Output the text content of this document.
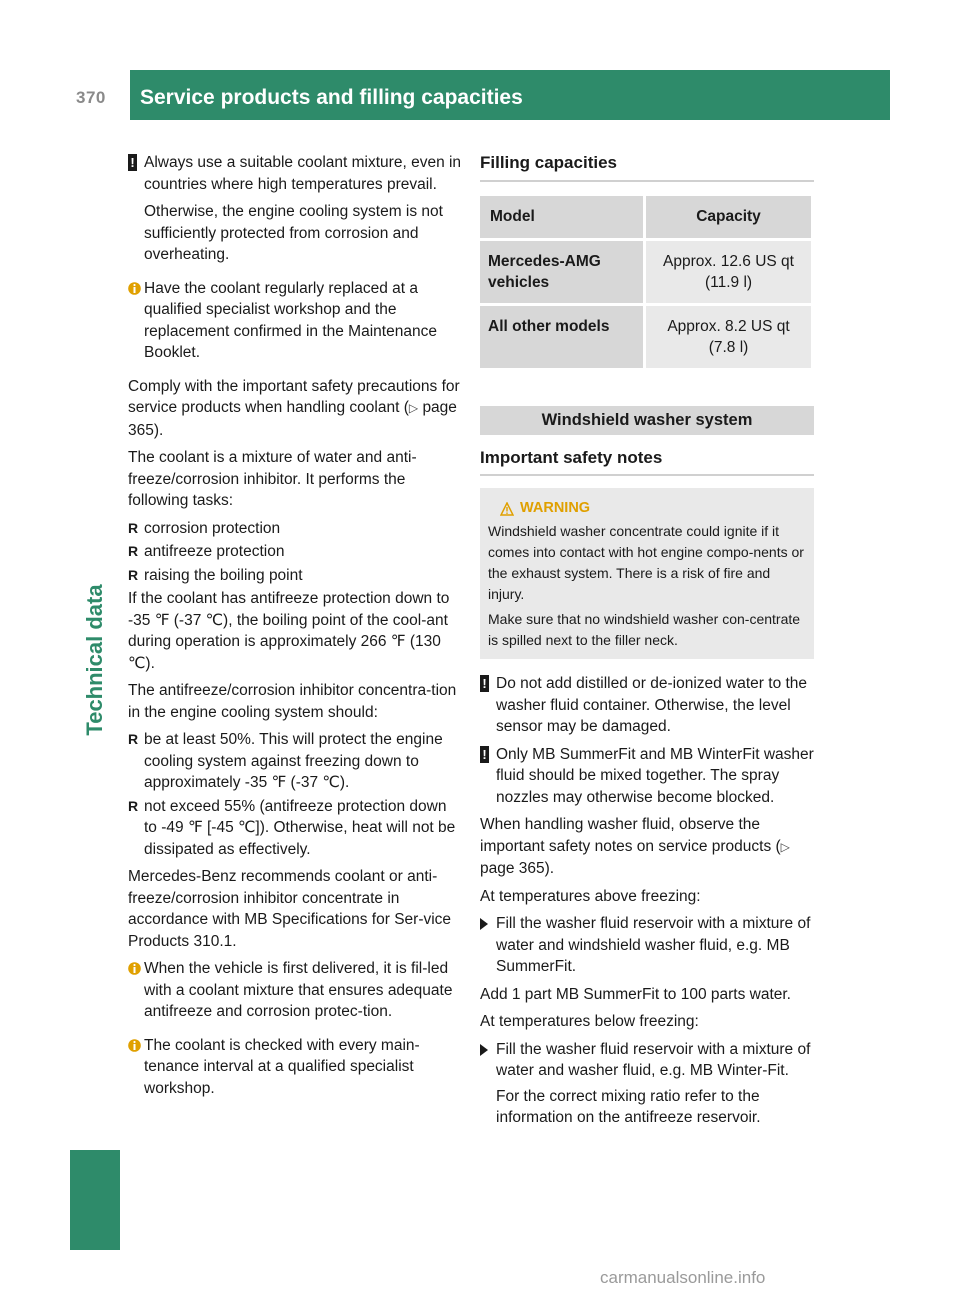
370 Service products and filling capacities
Technical data
! Always use a suitable coolant mixture, even in countries where high temperatures prevail.

Otherwise, the engine cooling system is not sufficiently protected from corrosion and overheating.

Have the coolant regularly replaced at a qualified specialist workshop and the replacement confirmed in the Maintenance Booklet.

Comply with the important safety precautions for service products when handling coolant (▷ page 365).

The coolant is a mixture of water and anti-freeze/corrosion inhibitor. It performs the following tasks:

R corrosion protection
R antifreeze protection
R raising the boiling point

If the coolant has antifreeze protection down to -35 ℉ (-37 ℃), the boiling point of the cool-ant during operation is approximately 266 ℉ (130 ℃).

The antifreeze/corrosion inhibitor concentra-tion in the engine cooling system should:

R be at least 50%. This will protect the engine cooling system against freezing down to approximately -35 ℉ (-37 ℃).
R not exceed 55% (antifreeze protection down to -49 ℉ [-45 ℃]). Otherwise, heat will not be dissipated as effectively.

Mercedes-Benz recommends coolant or anti-freeze/corrosion inhibitor concentrate in accordance with MB Specifications for Ser-vice Products 310.1.

When the vehicle is first delivered, it is fil-led with a coolant mixture that ensures adequate antifreeze and corrosion protec-tion.

The coolant is checked with every main-tenance interval at a qualified specialist workshop.

Filling capacities
Model	Capacity
Mercedes-AMG vehicles	Approx. 12.6 US qt
(11.9 l)

All other models	Approx. 8.2 US qt
(7.8 l)
Windshield washer system
Important safety notes
WARNING

Windshield washer concentrate could ignite if it comes into contact with hot engine compo-nents or the exhaust system. There is a risk of fire and injury.

Make sure that no windshield washer con-centrate is spilled next to the filler neck.

! Do not add distilled or de-ionized water to the washer fluid container. Otherwise, the level sensor may be damaged.
! Only MB SummerFit and MB WinterFit washer fluid should be mixed together. The spray nozzles may otherwise become blocked.

When handling washer fluid, observe the important safety notes on service products (▷ page 365).

At temperatures above freezing:

Fill the washer fluid reservoir with a mixture of water and windshield washer fluid, e.g. MB SummerFit.

Add 1 part MB SummerFit to 100 parts water.

At temperatures below freezing:

Fill the washer fluid reservoir with a mixture of water and washer fluid, e.g. MB Winter-Fit.

For the correct mixing ratio refer to the information on the antifreeze reservoir.

carmanualsonline.info
